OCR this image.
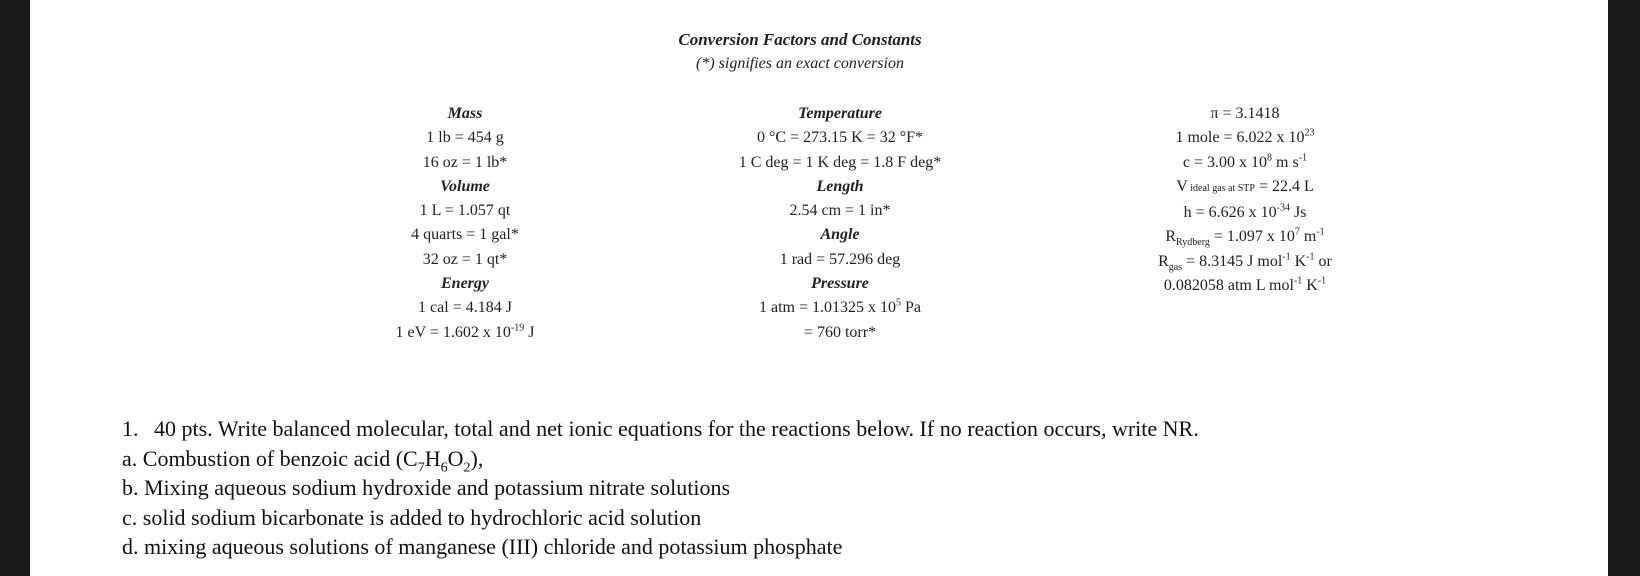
Conversion Factors and Constants
(*) signifies an exact conversion
Mass
1 lb = 454 g
16 oz = 1 lb*
Volume
1 L = 1.057 qt
4 quarts = 1 gal*
32 oz = 1 qt*
Energy
1 cal = 4.184 J
1 eV = 1.602 x $10^{-19}$ J
Temperature
0 °C = 273.15 K = 32 °F*
1 C deg = 1 K deg = 1.8 F deg*
Length
2.54 cm = 1 in*
Angle
1 rad = 57.296 deg
Pressure
1 atm = 1.01325 x $10^5$ Pa
= 760 torr*
π = 3.1418
1 mole = 6.022 x $10^{23}$
c = 3.00 x $10^8$ m $s^{-1}$
V ideal gas at STP = 22.4 L
h = 6.626 x $10^{-34}$ Js
$R_{Rydberg} = 1.097$ x $10^7$ $m^{-1}$
$R_{gas} = 8.3145$ J mol$^{-1}$ $K^{-1}$ or
0.082058 atm L mol$^{-1}$ $K^{-1}$
1. 40 pts. Write balanced molecular, total and net ionic equations for the reactions below. If no reaction occurs, write NR.
a. Combustion of benzoic acid $(C_7H_6O_2)$,
b. Mixing aqueous sodium hydroxide and potassium nitrate solutions
c. solid sodium bicarbonate is added to hydrochloric acid solution
d. mixing aqueous solutions of manganese (III) chloride and potassium phosphate
